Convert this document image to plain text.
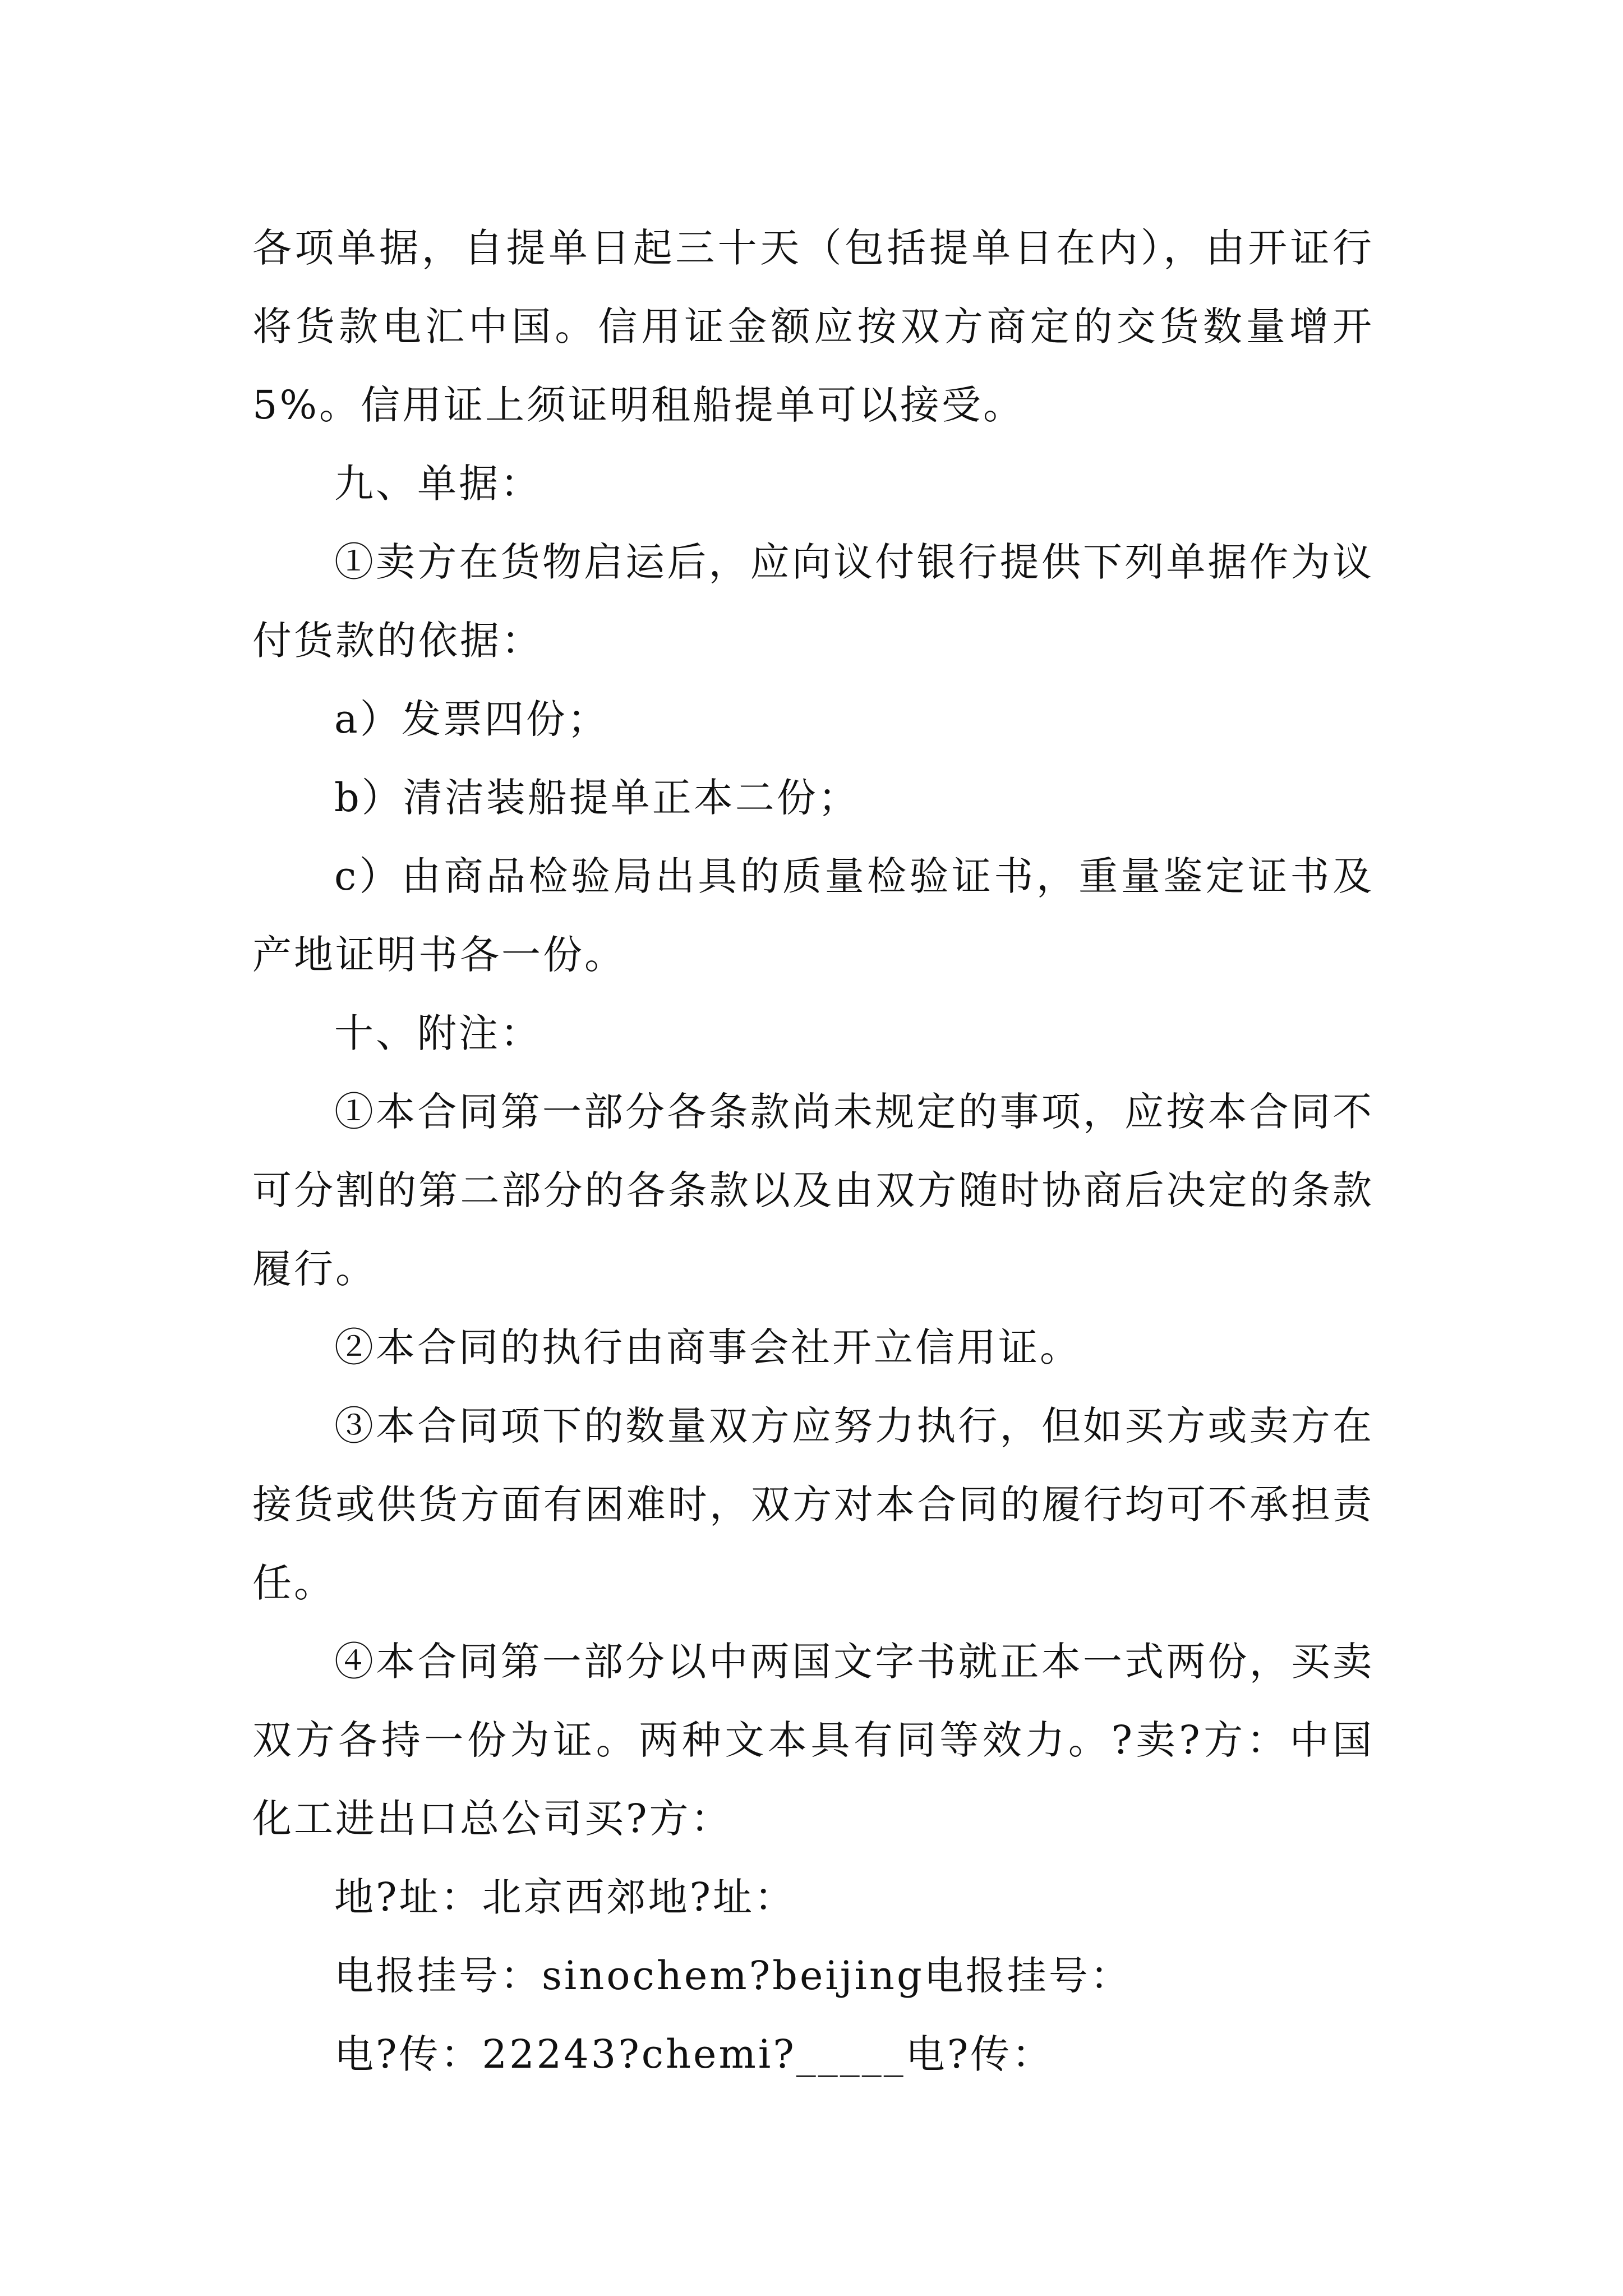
各项单据，自提单日起三十天（包括提单日在内），由开证行将货款电汇中国。信用证金额应按双方商定的交货数量增开5%。信用证上须证明租船提单可以接受。

九、单据：

①卖方在货物启运后，应向议付银行提供下列单据作为议付货款的依据：

a）发票四份；

b）清洁装船提单正本二份；

c）由商品检验局出具的质量检验证书，重量鉴定证书及产地证明书各一份。

十、附注：

①本合同第一部分各条款尚未规定的事项，应按本合同不可分割的第二部分的各条款以及由双方随时协商后决定的条款履行。

②本合同的执行由商事会社开立信用证。

③本合同项下的数量双方应努力执行，但如买方或卖方在接货或供货方面有困难时，双方对本合同的履行均可不承担责任。

④本合同第一部分以中两国文字书就正本一式两份，买卖双方各持一份为证。两种文本具有同等效力。?卖?方：中国化工进出口总公司买?方：

地?址：北京西郊地?址：

电报挂号：sinochem?beijing电报挂号：

电?传：22243?chemi?_____电?传：
